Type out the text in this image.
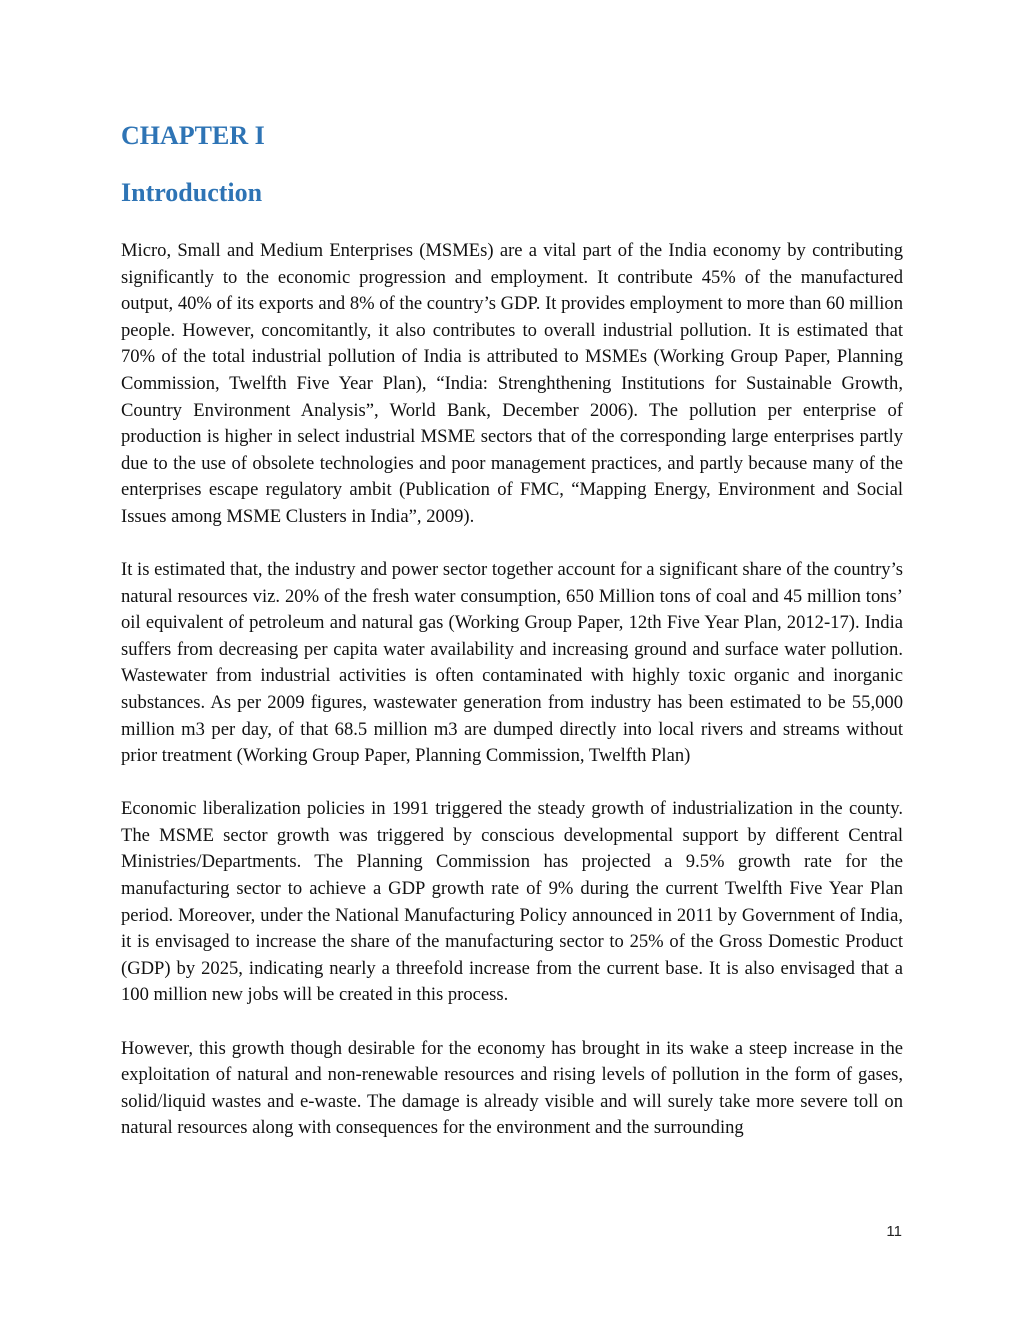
CHAPTER I
Introduction

Micro, Small and Medium Enterprises (MSMEs) are a vital part of the India economy by contributing significantly to the economic progression and employment. It contribute 45% of the manufactured output, 40% of its exports and 8% of the country’s GDP. It provides employment to more than 60 million people. However, concomitantly, it also contributes to overall industrial pollution. It is estimated that 70% of the total industrial pollution of India is attributed to MSMEs (Working Group Paper, Planning Commission, Twelfth Five Year Plan), “India: Strenghthening Institutions for Sustainable Growth, Country Environment Analysis”, World Bank, December 2006). The pollution per enterprise of production is higher in select industrial MSME sectors that of the corresponding large enterprises partly due to the use of obsolete technologies and poor management practices, and partly because many of the enterprises escape regulatory ambit (Publication of FMC, “Mapping Energy, Environment and Social Issues among MSME Clusters in India”, 2009).

It is estimated that, the industry and power sector together account for a significant share of the country’s natural resources viz. 20% of the fresh water consumption, 650 Million tons of coal and 45 million tons’ oil equivalent of petroleum and natural gas (Working Group Paper, 12th Five Year Plan, 2012-17). India suffers from decreasing per capita water availability and increasing ground and surface water pollution. Wastewater from industrial activities is often contaminated with highly toxic organic and inorganic substances. As per 2009 figures, wastewater generation from industry has been estimated to be 55,000 million m3 per day, of that 68.5 million m3 are dumped directly into local rivers and streams without prior treatment (Working Group Paper, Planning Commission, Twelfth Plan)

Economic liberalization policies in 1991 triggered the steady growth of industrialization in the county. The MSME sector growth was triggered by conscious developmental support by different Central Ministries/Departments. The Planning Commission has projected a 9.5% growth rate for the manufacturing sector to achieve a GDP growth rate of 9% during the current Twelfth Five Year Plan period. Moreover, under the National Manufacturing Policy announced in 2011 by Government of India, it is envisaged to increase the share of the manufacturing sector to 25% of the Gross Domestic Product (GDP) by 2025, indicating nearly a threefold increase from the current base. It is also envisaged that a 100 million new jobs will be created in this process.

However, this growth though desirable for the economy has brought in its wake a steep increase in the exploitation of natural and non-renewable resources and rising levels of pollution in the form of gases, solid/liquid wastes and e-waste. The damage is already visible and will surely take more severe toll on natural resources along with consequences for the environment and the surrounding

11
